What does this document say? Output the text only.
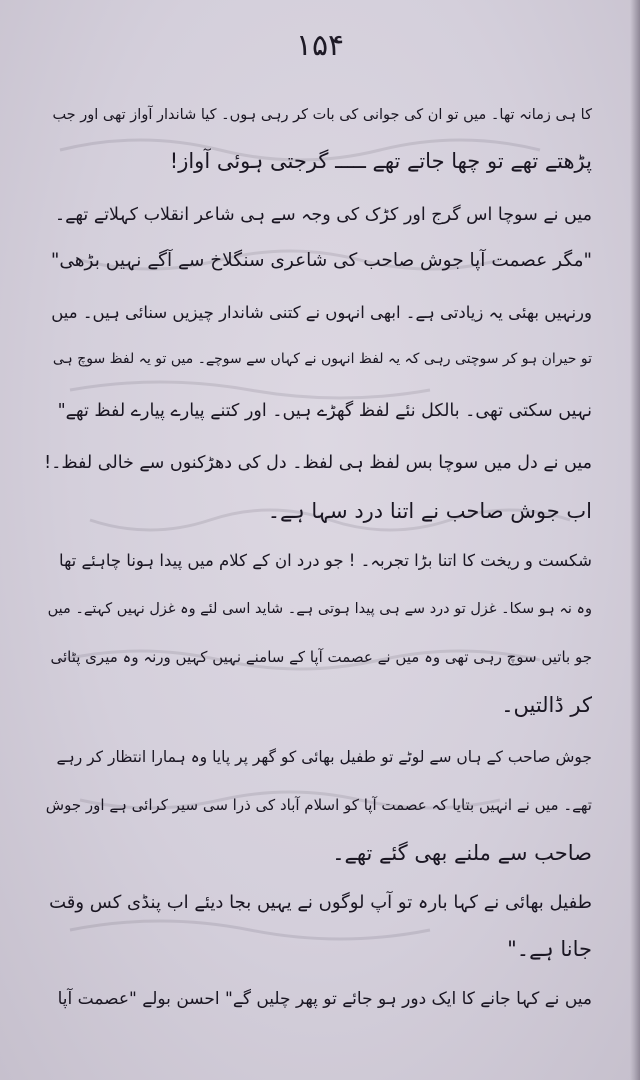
۱۵۴
کا ہی زمانہ تھا۔ میں تو ان کی جوانی کی بات کر رہی ہوں۔ کیا شاندار آواز تھی اور جب
پڑھتے تھے تو چھا جاتے تھے ـــــ گرجتی ہوئی آواز!
میں نے سوچا اس گرج اور کڑک کی وجہ سے ہی شاعر انقلاب کہلاتے تھے۔
"مگر عصمت آپا جوش صاحب کی شاعری سنگلاخ سے آگے نہیں بڑھی"
ورنہیں بھئی یہ زیادتی ہے۔ ابھی انہوں نے کتنی شاندار چیزیں سنائی ہیں۔ میں
تو حیران ہو کر سوچتی رہی کہ یہ لفظ انہوں نے کہاں سے سوچے۔ میں تو یہ لفظ سوچ ہی
نہیں سکتی تھی۔ بالکل نئے لفظ گھڑے ہیں۔ اور کتنے پیارے پیارے لفظ تھے"
میں نے دل میں سوچا بس لفظ ہی لفظ۔ دل کی دھڑکنوں سے خالی لفظ۔!
اب جوش صاحب نے اتنا درد سہا ہے۔
شکست و ریخت کا اتنا بڑا تجربہ۔ ! جو درد ان کے کلام میں پیدا ہونا چاہئے تھا
وہ نہ ہو سکا۔ غزل تو درد سے ہی پیدا ہوتی ہے۔ شاید اسی لئے وہ غزل نہیں کہتے۔ میں
جو باتیں سوچ رہی تھی وہ میں نے عصمت آپا کے سامنے نہیں کہیں ورنہ وہ میری پٹائی
کر ڈالتیں۔
جوش صاحب کے ہاں سے لوٹے تو طفیل بھائی کو گھر پر پایا وہ ہمارا انتظار کر رہے
تھے۔ میں نے انہیں بتایا کہ عصمت آپا کو اسلام آباد کی ذرا سی سیر کرائی ہے اور جوش
صاحب سے ملنے بھی گئے تھے۔
طفیل بھائی نے کہا بارہ تو آپ لوگوں نے یہیں بجا دیئے اب پنڈی کس وقت
جانا ہے۔"
میں نے کہا جانے کا ایک دور ہو جائے تو پھر چلیں گے" احسن بولے "عصمت آپا
